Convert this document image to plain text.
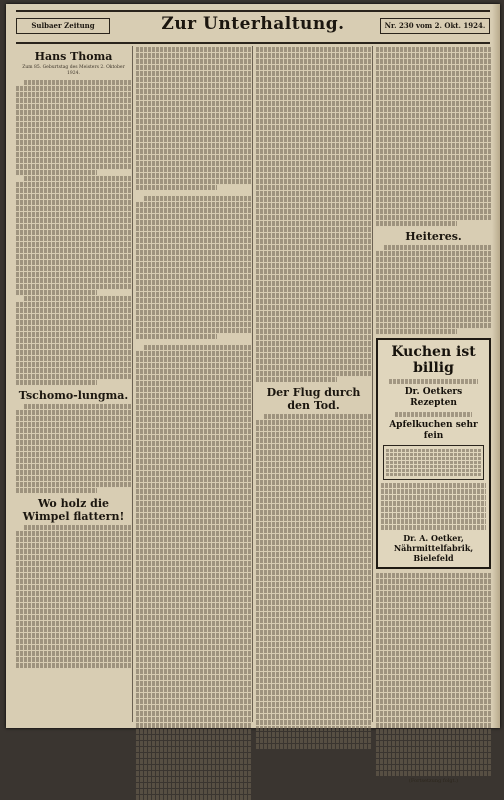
Sulbaer Zeitung	Zur Unterhaltung.	Nr. 230 vom 2. Okt. 1924.
Hans Thoma
Zum 85. Geburtstag des Meisters 2. Oktober 1924.
Tschomo-lungma.
Wo holz die Wimpel flattern!
Der Flug durch den Tod.
Heiteres.
Kuchen ist billig
Dr. Oetkers Rezepten
Apfelkuchen sehr fein
Dr. A. Oetker, Nährmittelfabrik, Bielefeld
(Fortsetzung folgt.)
